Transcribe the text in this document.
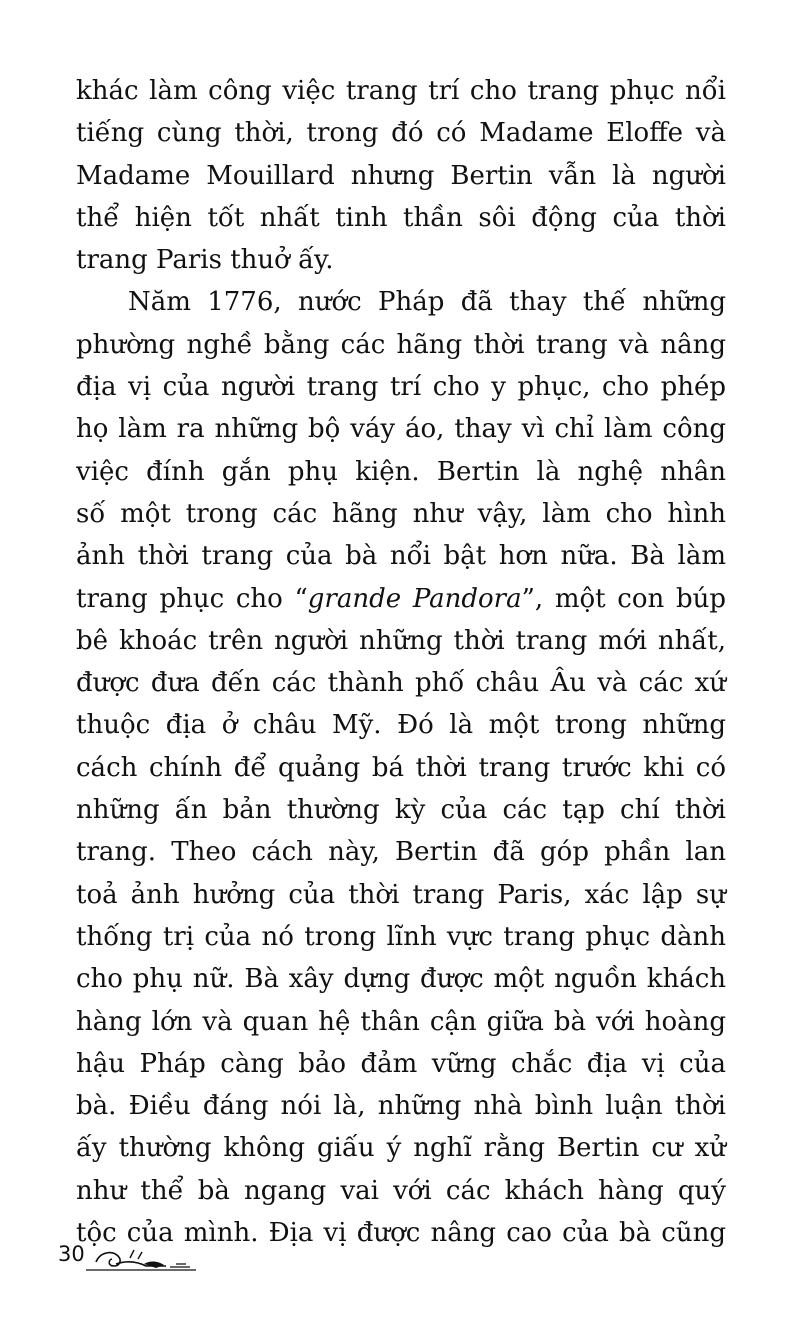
khác làm công việc trang trí cho trang phục nổi
tiếng cùng thời, trong đó có Madame Eloffe và
Madame Mouillard nhưng Bertin vẫn là người
thể hiện tốt nhất tinh thần sôi động của thời
trang Paris thuở ấy.
Năm 1776, nước Pháp đã thay thế những
phường nghề bằng các hãng thời trang và nâng
địa vị của người trang trí cho y phục, cho phép
họ làm ra những bộ váy áo, thay vì chỉ làm công
việc đính gắn phụ kiện. Bertin là nghệ nhân
số một trong các hãng như vậy, làm cho hình
ảnh thời trang của bà nổi bật hơn nữa. Bà làm
trang phục cho “grande Pandora”, một con búp
bê khoác trên người những thời trang mới nhất,
được đưa đến các thành phố châu Âu và các xứ
thuộc địa ở châu Mỹ. Đó là một trong những
cách chính để quảng bá thời trang trước khi có
những ấn bản thường kỳ của các tạp chí thời
trang. Theo cách này, Bertin đã góp phần lan
toả ảnh hưởng của thời trang Paris, xác lập sự
thống trị của nó trong lĩnh vực trang phục dành
cho phụ nữ. Bà xây dựng được một nguồn khách
hàng lớn và quan hệ thân cận giữa bà với hoàng
hậu Pháp càng bảo đảm vững chắc địa vị của
bà. Điều đáng nói là, những nhà bình luận thời
ấy thường không giấu ý nghĩ rằng Bertin cư xử
như thể bà ngang vai với các khách hàng quý
tộc của mình. Địa vị được nâng cao của bà cũng
30
